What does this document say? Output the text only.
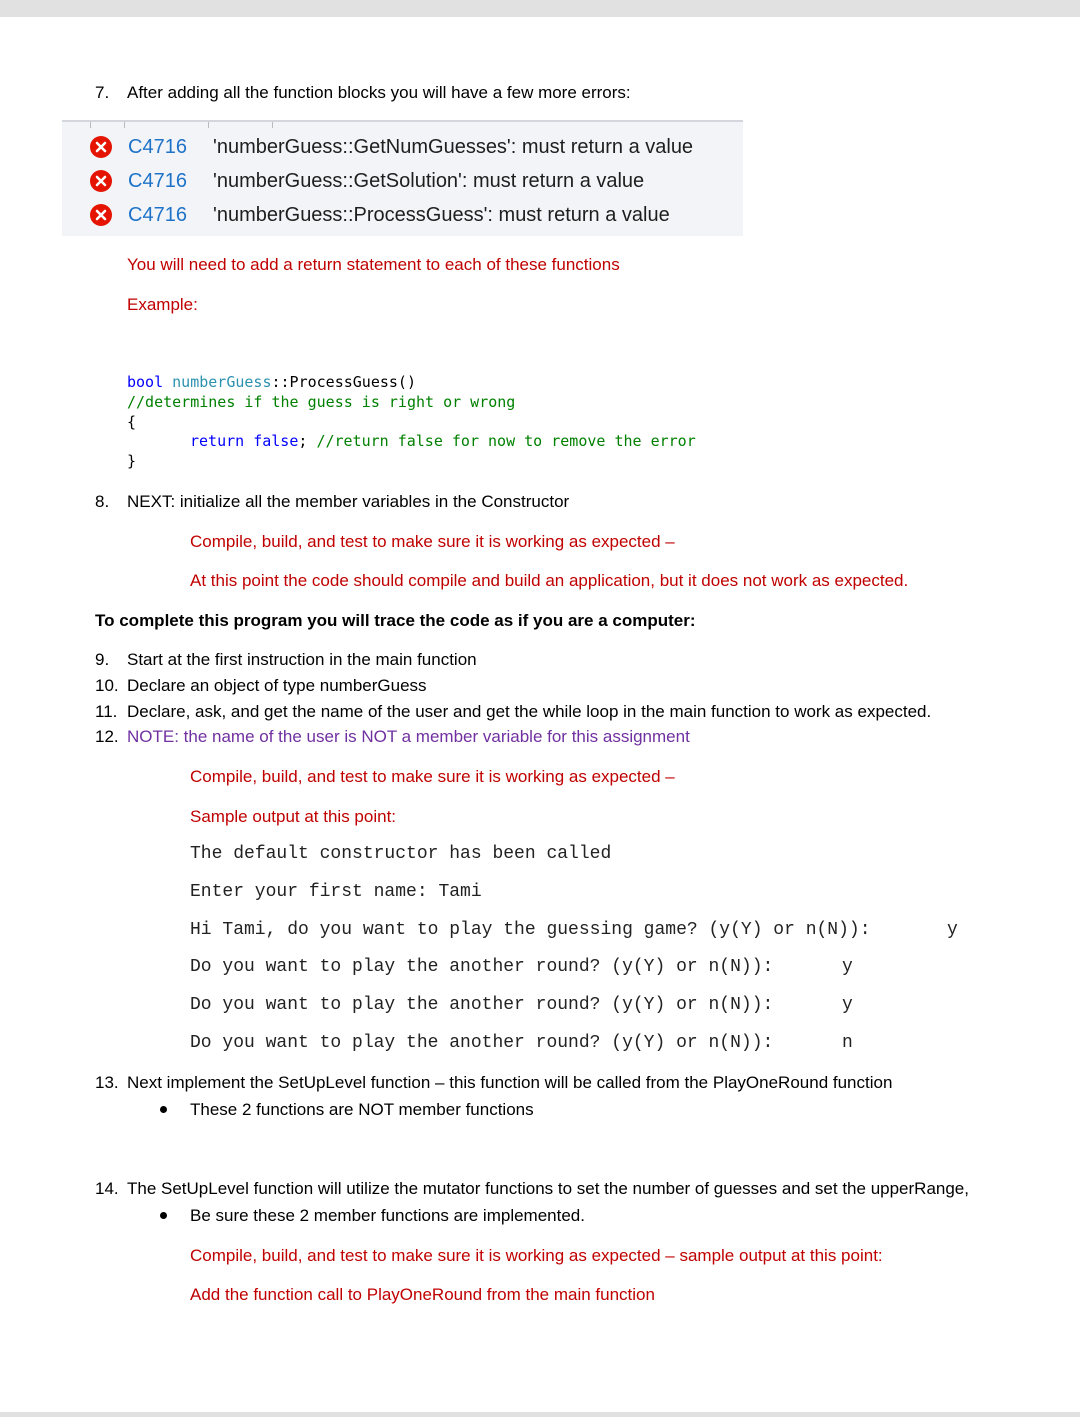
7. After adding all the function blocks you will have a few more errors:
C4716 'numberGuess::GetNumGuesses': must return a value
C4716 'numberGuess::GetSolution': must return a value
C4716 'numberGuess::ProcessGuess': must return a value
You will need to add a return statement to each of these functions
Example:
bool numberGuess::ProcessGuess()
//determines if the guess is right or wrong
{
return false; //return false for now to remove the error
}
8. NEXT: initialize all the member variables in the Constructor
Compile, build, and test to make sure it is working as expected –
At this point the code should compile and build an application, but it does not work as expected.
To complete this program you will trace the code as if you are a computer:
9. Start at the first instruction in the main function
10. Declare an object of type numberGuess
11. Declare, ask, and get the name of the user and get the while loop in the main function to work as expected.
12. NOTE: the name of the user is NOT a member variable for this assignment
Compile, build, and test to make sure it is working as expected –
Sample output at this point:
The default constructor has been called
Enter your first name: Tami
Hi Tami, do you want to play the guessing game? (y(Y) or n(N)):	y
Do you want to play the another round? (y(Y) or n(N)):	y
Do you want to play the another round? (y(Y) or n(N)):	y
Do you want to play the another round? (y(Y) or n(N)):	n
13. Next implement the SetUpLevel function – this function will be called from the PlayOneRound function
These 2 functions are NOT member functions
14. The SetUpLevel function will utilize the mutator functions to set the number of guesses and set the upperRange,
Be sure these 2 member functions are implemented.
Compile, build, and test to make sure it is working as expected – sample output at this point:
Add the function call to PlayOneRound from the main function
